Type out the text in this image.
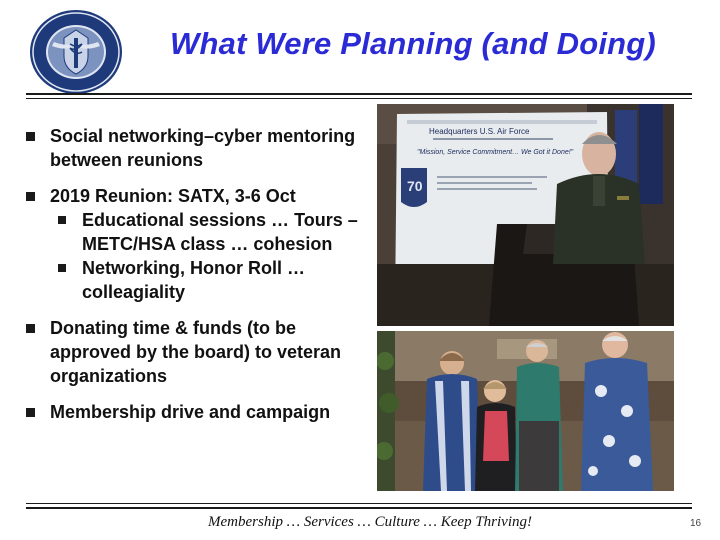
What Were Planning (and Doing)
Social networking–cyber mentoring between reunions
2019 Reunion: SATX, 3-6 Oct
Educational sessions … Tours – METC/HSA class … cohesion
Networking, Honor Roll … colleagiality
Donating time & funds (to be approved by the board) to veteran organizations
Membership drive and campaign
Headquarters U.S. Air Force
"Mission, Service Commitment… We Got it Done!"
70
Membership … Services … Culture … Keep Thriving!	16
